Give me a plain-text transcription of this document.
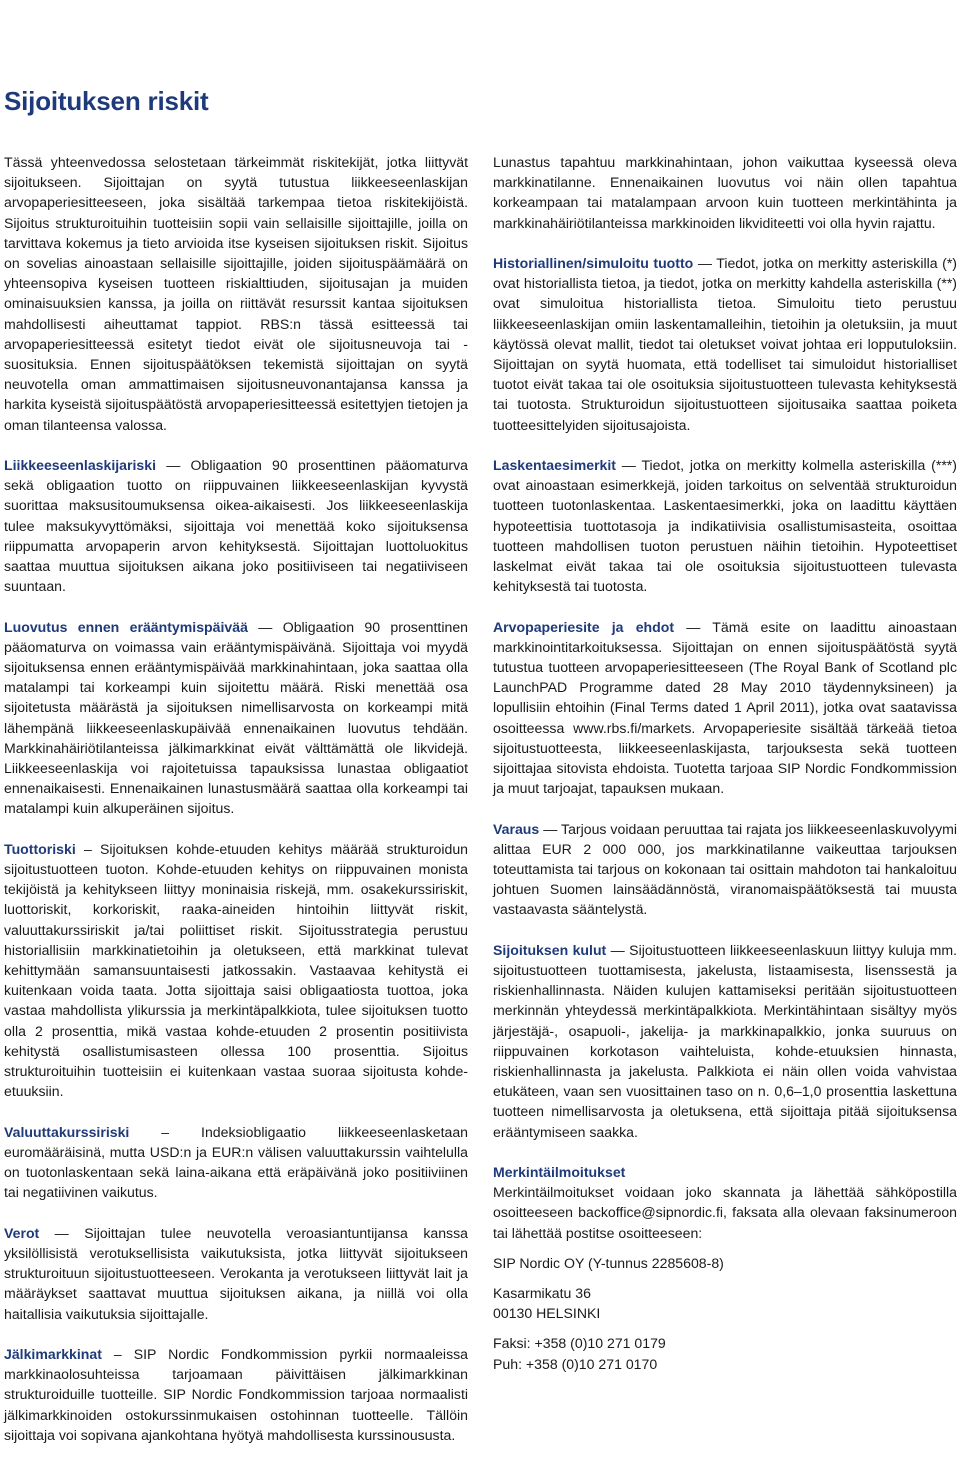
Sijoituksen riskit

Tässä yhteenvedossa selostetaan tärkeimmät riskitekijät, jotka liittyvät sijoitukseen. Sijoittajan on syytä tutustua liikkeeseenlaskijan arvopaperiesitteeseen, joka sisältää tarkempaa tietoa riskitekijöistä. Sijoitus strukturoituihin tuotteisiin sopii vain sellaisille sijoittajille, joilla on tarvittava kokemus ja tieto arvioida itse kyseisen sijoituksen riskit. Sijoitus on sovelias ainoastaan sellaisille sijoittajille, joiden sijoituspäämäärä on yhteensopiva kyseisen tuotteen riskialttiuden, sijoitusajan ja muiden ominaisuuksien kanssa, ja joilla on riittävät resurssit kantaa sijoituksen mahdollisesti aiheuttamat tappiot. RBS:n tässä esitteessä tai arvopaperiesitteessä esitetyt tiedot eivät ole sijoitusneuvoja tai -suosituksia. Ennen sijoituspäätöksen tekemistä sijoittajan on syytä neuvotella oman ammattimaisen sijoitusneuvonantajansa kanssa ja harkita kyseistä sijoituspäätöstä arvopaperiesitteessä esitettyjen tietojen ja oman tilanteensa valossa.

Liikkeeseenlaskijariski — Obligaation 90 prosenttinen pääomaturva sekä obligaation tuotto on riippuvainen liikkeeseenlaskijan kyvystä suorittaa maksusitoumuksensa oikea-aikaisesti. Jos liikkeeseenlaskija tulee maksukyvyttömäksi, sijoittaja voi menettää koko sijoituksensa riippumatta arvopaperin arvon kehityksestä. Sijoittajan luottoluokitus saattaa muuttua sijoituksen aikana joko positiiviseen tai negatiiviseen suuntaan.

Luovutus ennen erääntymispäivää — Obligaation 90 prosenttinen pääomaturva on voimassa vain erääntymispäivänä. Sijoittaja voi myydä sijoituksensa ennen erääntymispäivää markkinahintaan, joka saattaa olla matalampi tai korkeampi kuin sijoitettu määrä. Riski menettää osa sijoitetusta määrästä ja sijoituksen nimellisarvosta on korkeampi mitä lähempänä liikkeeseenlaskupäivää ennenaikainen luovutus tehdään. Markkinahäiriötilanteissa jälkimarkkinat eivät välttämättä ole likvidejä. Liikkeeseenlaskija voi rajoitetuissa tapauksissa lunastaa obligaatiot ennenaikaisesti. Ennenaikainen lunastusmäärä saattaa olla korkeampi tai matalampi kuin alkuperäinen sijoitus.

Tuottoriski – Sijoituksen kohde-etuuden kehitys määrää strukturoidun sijoitustuotteen tuoton. Kohde-etuuden kehitys on riippuvainen monista tekijöistä ja kehitykseen liittyy moninaisia riskejä, mm. osakekurssiriskit, luottoriskit, korkoriskit, raaka-aineiden hintoihin liittyvät riskit, valuuttakurssiriskit ja/tai poliittiset riskit. Sijoitusstrategia perustuu historiallisiin markkinatietoihin ja oletukseen, että markkinat tulevat kehittymään samansuuntaisesti jatkossakin. Vastaavaa kehitystä ei kuitenkaan voida taata. Jotta sijoittaja saisi obligaatiosta tuottoa, joka vastaa mahdollista ylikurssia ja merkintäpalkkiota, tulee sijoituksen tuotto olla 2 prosenttia, mikä vastaa kohde-etuuden 2 prosentin positiivista kehitystä osallistumisasteen ollessa 100 prosenttia. Sijoitus strukturoituihin tuotteisiin ei kuitenkaan vastaa suoraa sijoitusta kohde-etuuksiin.

Valuuttakurssiriski – Indeksiobligaatio liikkeeseenlasketaan euromääräisinä, mutta USD:n ja EUR:n välisen valuuttakurssin vaihtelulla on tuotonlaskentaan sekä laina-aikana että eräpäivänä joko positiiviinen tai negatiivinen vaikutus.

Verot — Sijoittajan tulee neuvotella veroasiantuntijansa kanssa yksilöllisistä verotuksellisista vaikutuksista, jotka liittyvät sijoitukseen strukturoituun sijoitustuotteeseen. Verokanta ja verotukseen liittyvät lait ja määräykset saattavat muuttua sijoituksen aikana, ja niillä voi olla haitallisia vaikutuksia sijoittajalle.

Jälkimarkkinat – SIP Nordic Fondkommission pyrkii normaaleissa markkinaolosuhteissa tarjoamaan päivittäisen jälkimarkkinan strukturoiduille tuotteille. SIP Nordic Fondkommission tarjoaa normaalisti jälkimarkkinoiden ostokurssinmukaisen ostohinnan tuotteelle. Tällöin sijoittaja voi sopivana ajankohtana hyötyä mahdollisesta kurssinoususta.

Lunastus tapahtuu markkinahintaan, johon vaikuttaa kyseessä oleva markkinatilanne. Ennenaikainen luovutus voi näin ollen tapahtua korkeampaan tai matalampaan arvoon kuin tuotteen merkintähinta ja markkinahäiriötilanteissa markkinoiden likviditeetti voi olla hyvin rajattu.

Historiallinen/simuloitu tuotto — Tiedot, jotka on merkitty asteriskilla (*) ovat historiallista tietoa, ja tiedot, jotka on merkitty kahdella asteriskilla (**) ovat simuloitua historiallista tietoa. Simuloitu tieto perustuu liikkeeseenlaskijan omiin laskentamalleihin, tietoihin ja oletuksiin, ja muut käytössä olevat mallit, tiedot tai oletukset voivat johtaa eri lopputuloksiin. Sijoittajan on syytä huomata, että todelliset tai simuloidut historialliset tuotot eivät takaa tai ole osoituksia sijoitustuotteen tulevasta kehityksestä tai tuotosta. Strukturoidun sijoitustuotteen sijoitusaika saattaa poiketa tuotteesittelyiden sijoitusajoista.

Laskentaesimerkit — Tiedot, jotka on merkitty kolmella asteriskilla (***) ovat ainoastaan esimerkkejä, joiden tarkoitus on selventää strukturoidun tuotteen tuotonlaskentaa. Laskentaesimerkki, joka on laadittu käyttäen hypoteettisia tuottotasoja ja indikatiivisia osallistumisasteita, osoittaa tuotteen mahdollisen tuoton perustuen näihin tietoihin. Hypoteettiset laskelmat eivät takaa tai ole osoituksia sijoitustuotteen tulevasta kehityksestä tai tuotosta.

Arvopaperiesite ja ehdot — Tämä esite on laadittu ainoastaan markkinointitarkoituksessa. Sijoittajan on ennen sijoituspäätöstä syytä tutustua tuotteen arvopaperiesitteeseen (The Royal Bank of Scotland plc LaunchPAD Programme dated 28 May 2010 täydennyksineen) ja lopullisiin ehtoihin (Final Terms dated 1 April 2011), jotka ovat saatavissa osoitteessa www.rbs.fi/markets. Arvopaperiesite sisältää tärkeää tietoa sijoitustuotteesta, liikkeeseenlaskijasta, tarjouksesta sekä tuotteen sijoittajaa sitovista ehdoista. Tuotetta tarjoaa SIP Nordic Fondkommission ja muut tarjoajat, tapauksen mukaan.

Varaus — Tarjous voidaan peruuttaa tai rajata jos liikkeeseenlaskuvolyymi alittaa EUR 2 000 000, jos markkinatilanne vaikeuttaa tarjouksen toteuttamista tai tarjous on kokonaan tai osittain mahdoton tai hankaloituu johtuen Suomen lainsäädännöstä, viranomaispäätöksestä tai muusta vastaavasta sääntelystä.

Sijoituksen kulut — Sijoitustuotteen liikkeeseenlaskuun liittyy kuluja mm. sijoitustuotteen tuottamisesta, jakelusta, listaamisesta, lisenssestä ja riskienhallinnasta. Näiden kulujen kattamiseksi peritään sijoitustuotteen merkinnän yhteydessä merkintäpalkkiota. Merkintähintaan sisältyy myös järjestäjä-, osapuoli-, jakelija- ja markkinapalkkio, jonka suuruus on riippuvainen korkotason vaihteluista, kohde-etuuksien hinnasta, riskienhallinnasta ja jakelusta. Palkkiota ei näin ollen voida vahvistaa etukäteen, vaan sen vuosittainen taso on n. 0,6–1,0 prosenttia laskettuna tuotteen nimellisarvosta ja oletuksena, että sijoittaja pitää sijoituksensa erääntymiseen saakka.

Merkintäilmoitukset

Merkintäilmoitukset voidaan joko skannata ja lähettää sähköpostilla osoitteeseen backoffice@sipnordic.fi, faksata alla olevaan faksinumeroon tai lähettää postitse osoitteeseen:

SIP Nordic OY (Y-tunnus 2285608-8)

Kasarmikatu 36

00130 HELSINKI

Faksi: +358 (0)10 271 0179

Puh: +358 (0)10 271 0170
